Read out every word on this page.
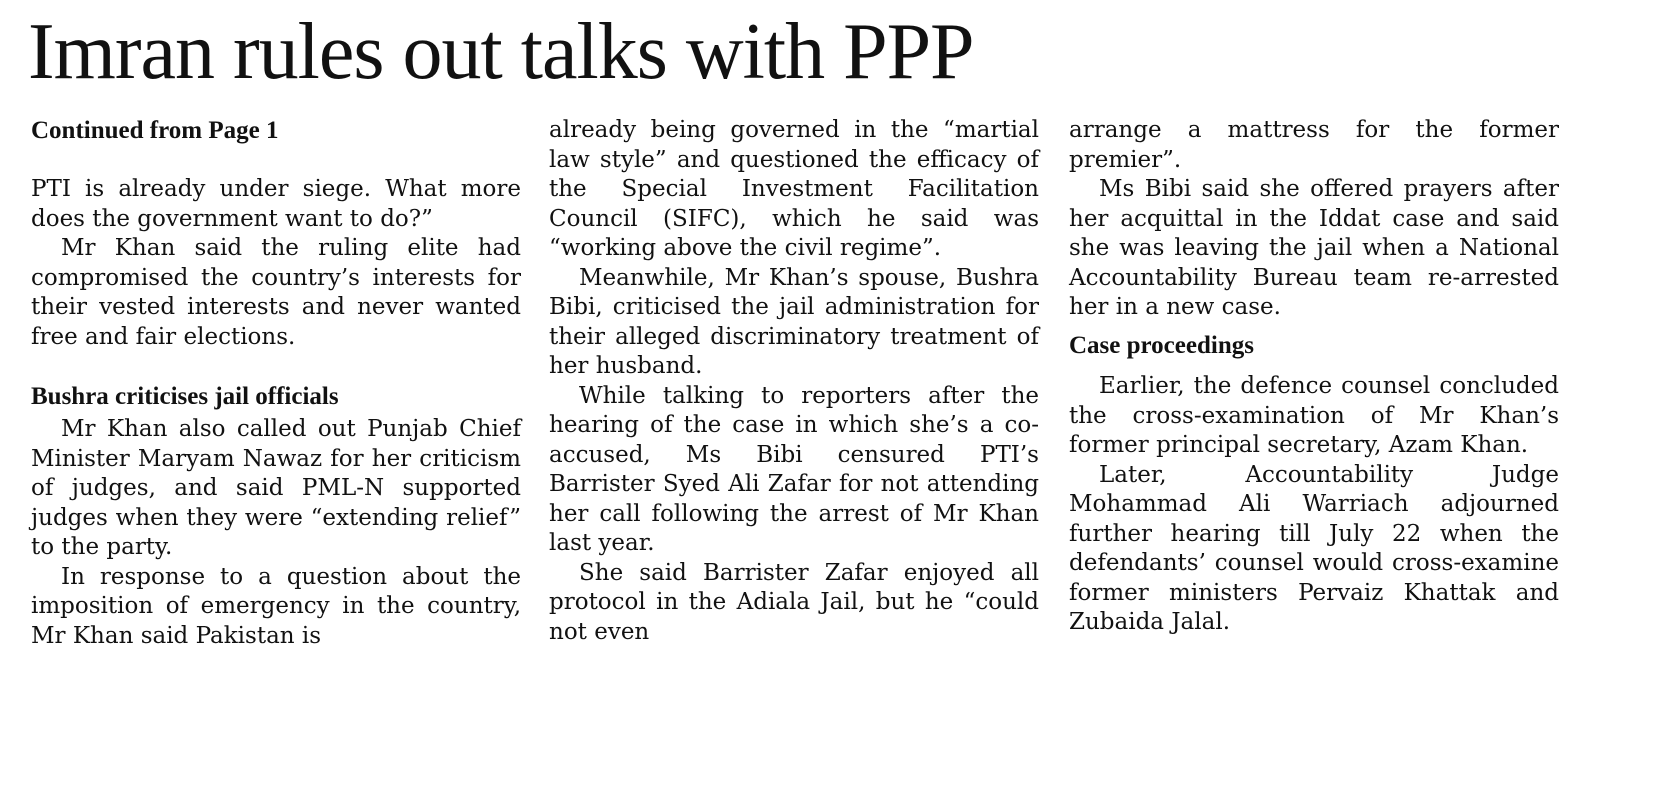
Imran rules out talks with PPP
Continued from Page 1

PTI is already under siege. What more does the government want to do?”

Mr Khan said the ruling elite had compromised the country’s interests for their vested interests and never wanted free and fair elections.

Bushra criticises jail officials

Mr Khan also called out Punjab Chief Minister Maryam Nawaz for her criticism of judges, and said PML-N supported judges when they were “extending relief” to the party.

In response to a question about the imposition of emergency in the country, Mr Khan said Pakistan is

already being governed in the “martial law style” and questioned the efficacy of the Special Investment Facilitation Council (SIFC), which he said was “working above the civil regime”.

Meanwhile, Mr Khan’s spouse, Bushra Bibi, criticised the jail administration for their alleged discriminatory treatment of her husband.

While talking to reporters after the hearing of the case in which she’s a co-accused, Ms Bibi censured PTI’s Barrister Syed Ali Zafar for not attending her call following the arrest of Mr Khan last year.

She said Barrister Zafar enjoyed all protocol in the Adiala Jail, but he “could not even

arrange a mattress for the former premier”.

Ms Bibi said she offered prayers after her acquittal in the Iddat case and said she was leaving the jail when a National Accountability Bureau team re-arrested her in a new case.

Case proceedings

Earlier, the defence counsel concluded the cross-examination of Mr Khan’s former principal secretary, Azam Khan.

Later, Accountability Judge Mohammad Ali Warriach adjourned further hearing till July 22 when the defendants’ counsel would cross-examine former ministers Pervaiz Khattak and Zubaida Jalal.
